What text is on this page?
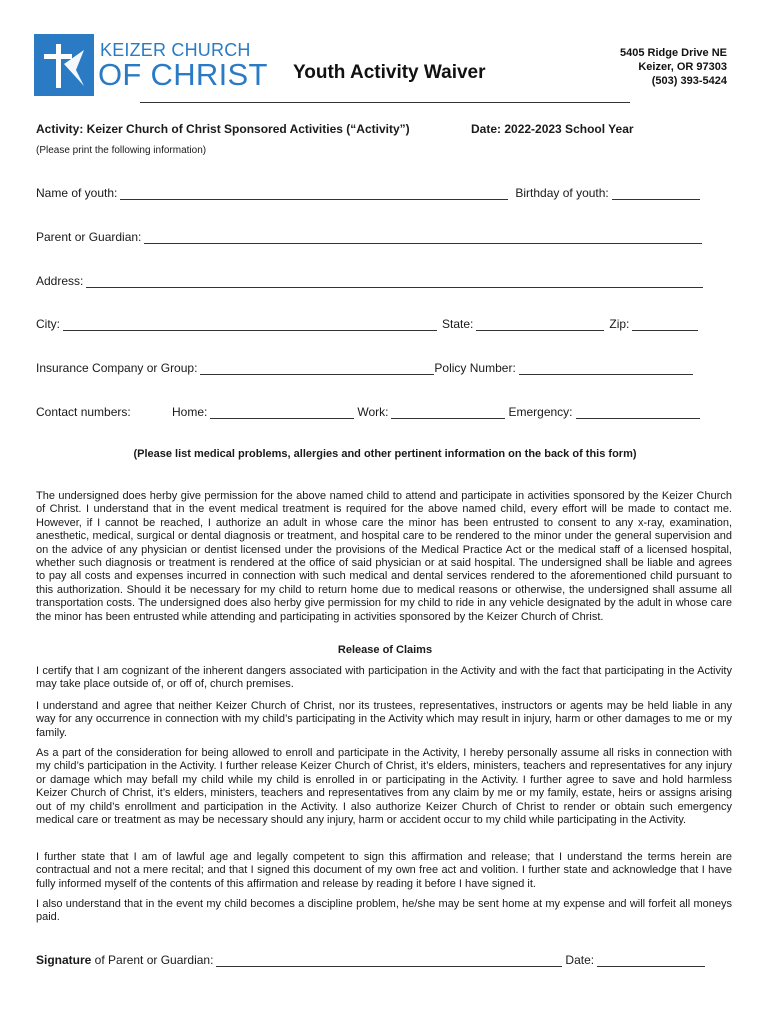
KEIZER CHURCH
OF CHRIST Youth Activity Waiver
5405 Ridge Drive NE
Keizer, OR 97303
(503) 393-5424
Activity: Keizer Church of Christ Sponsored Activities (“Activity”)	Date: 2022-2023 School Year
(Please print the following information)
Name of youth:	Birthday of youth:
Parent or Guardian:
Address:
City:	State:	Zip:
Insurance Company or Group:	Policy Number:
Contact numbers:	Home:	Work:	Emergency:
(Please list medical problems, allergies and other pertinent information on the back of this form)
The undersigned does herby give permission for the above named child to attend and participate in activities sponsored by the Keizer Church of Christ. I understand that in the event medical treatment is required for the above named child, every effort will be made to contact me. However, if I cannot be reached, I authorize an adult in whose care the minor has been entrusted to consent to any x-ray, examination, anesthetic, medical, surgical or dental diagnosis or treatment, and hospital care to be rendered to the minor under the general supervision and on the advice of any physician or dentist licensed under the provisions of the Medical Practice Act or the medical staff of a licensed hospital, whether such diagnosis or treatment is rendered at the office of said physician or at said hospital. The undersigned shall be liable and agrees to pay all costs and expenses incurred in connection with such medical and dental services rendered to the aforementioned child pursuant to this authorization. Should it be necessary for my child to return home due to medical reasons or otherwise, the undersigned shall assume all transportation costs. The undersigned does also herby give permission for my child to ride in any vehicle designated by the adult in whose care the minor has been entrusted while attending and participating in activities sponsored by the Keizer Church of Christ.
Release of Claims
I certify that I am cognizant of the inherent dangers associated with participation in the Activity and with the fact that participating in the Activity may take place outside of, or off of, church premises.
I understand and agree that neither Keizer Church of Christ, nor its trustees, representatives, instructors or agents may be held liable in any way for any occurrence in connection with my child’s participating in the Activity which may result in injury, harm or other damages to me or my family.
As a part of the consideration for being allowed to enroll and participate in the Activity, I hereby personally assume all risks in connection with my child’s participation in the Activity. I further release Keizer Church of Christ, it’s elders, ministers, teachers and representatives for any injury or damage which may befall my child while my child is enrolled in or participating in the Activity. I further agree to save and hold harmless Keizer Church of Christ, it’s elders, ministers, teachers and representatives from any claim by me or my family, estate, heirs or assigns arising out of my child’s enrollment and participation in the Activity. I also authorize Keizer Church of Christ to render or obtain such emergency medical care or treatment as may be necessary should any injury, harm or accident occur to my child while participating in the Activity.
I further state that I am of lawful age and legally competent to sign this affirmation and release; that I understand the terms herein are contractual and not a mere recital; and that I signed this document of my own free act and volition. I further state and acknowledge that I have fully informed myself of the contents of this affirmation and release by reading it before I have signed it.
I also understand that in the event my child becomes a discipline problem, he/she may be sent home at my expense and will forfeit all moneys paid.
Signature of Parent or Guardian:	Date:
